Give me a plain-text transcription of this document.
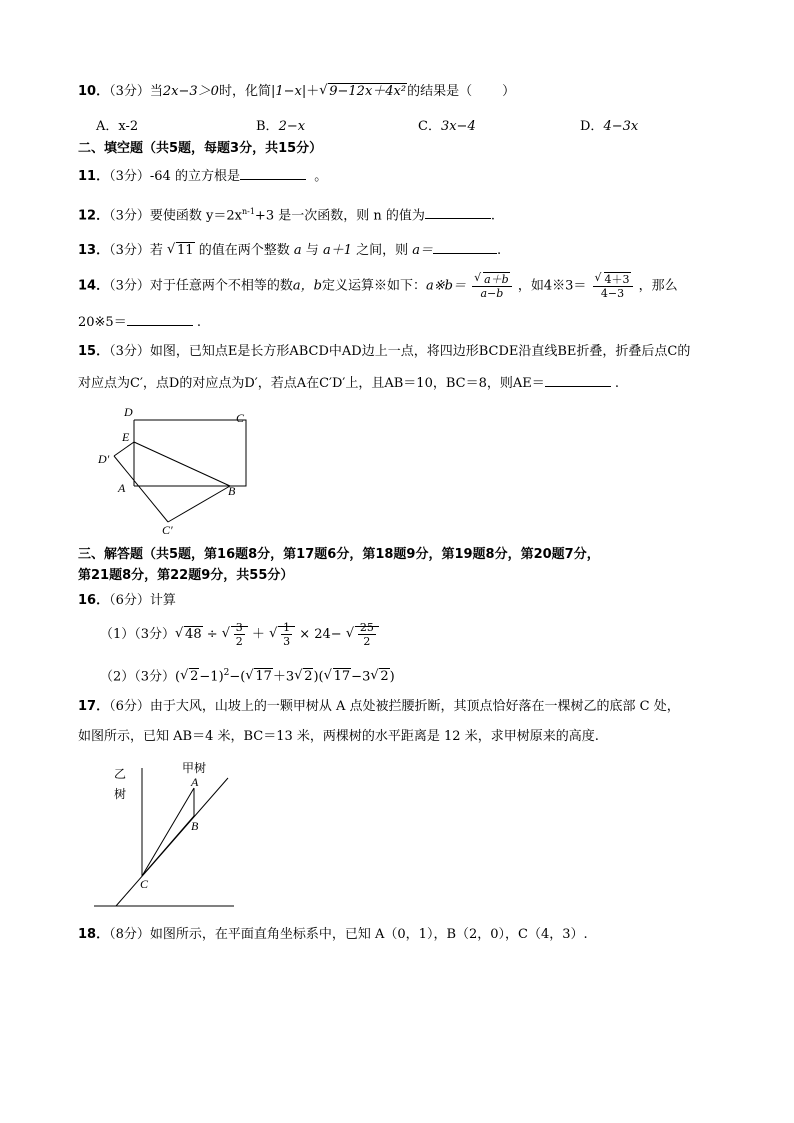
10．（3分）当2x−3＞0时，化简|1−x|＋ √ 9−12x＋4x²的结果是（ ）
A．x-2	B．2−x	C．3x−4	D．4−3x
二、填空题（共5题，每题3分，共15分）
11．（3分）-64 的立方根是	。
12．（3分）要使函数 $y=2x^{n-1}+3$ 是一次函数，则 n 的值为	.
13．（3分）若 √ 11 的值在两个整数 a 与 a＋1 之间，则 a＝	.
14．（3分）对于任意两个不相等的数a，b定义运算※如下：a※b＝ √ $\frac{a+b}{a-b}$ ，如4※3＝ √ $\frac{4+3}{4-3}$ ，那么
20※5＝	.
15．（3分）如图，已知点E是长方形ABCD中AD边上一点，将四边形BCDE沿直线BE折叠，折叠后点C的
对应点为C′，点D的对应点为D′，若点A在C′D′上，且AB＝10，BC＝8，则AE＝	.
D	C
E
D′
A	B
C′
三、解答题（共5题，第16题8分，第17题6分，第18题9分，第19题8分，第20题7分，
第21题8分，第22题9分，共55分）
16．（6分）计算
（1）（3分） √ 48 ÷ √ $\frac{3}{2}$ ＋ √ $\frac{1}{3} \times 24-$ √ $\frac{25}{2}$
（2）（3分）( √ 2−1)$^2$−( √ 17＋3 √ 2)( √ 17−3 √ 2)
17．（6分）由于大风，山坡上的一颗甲树从 A 点处被拦腰折断，其顶点恰好落在一棵树乙的底部 C 处，
如图所示，已知 AB＝4 米，BC＝13 米，两棵树的水平距离是 12 米，求甲树原来的高度.
乙
树
甲树
A
B
C
18．（8分）如图所示，在平面直角坐标系中，已知 A（0，1），B（2，0），C（4，3）.
